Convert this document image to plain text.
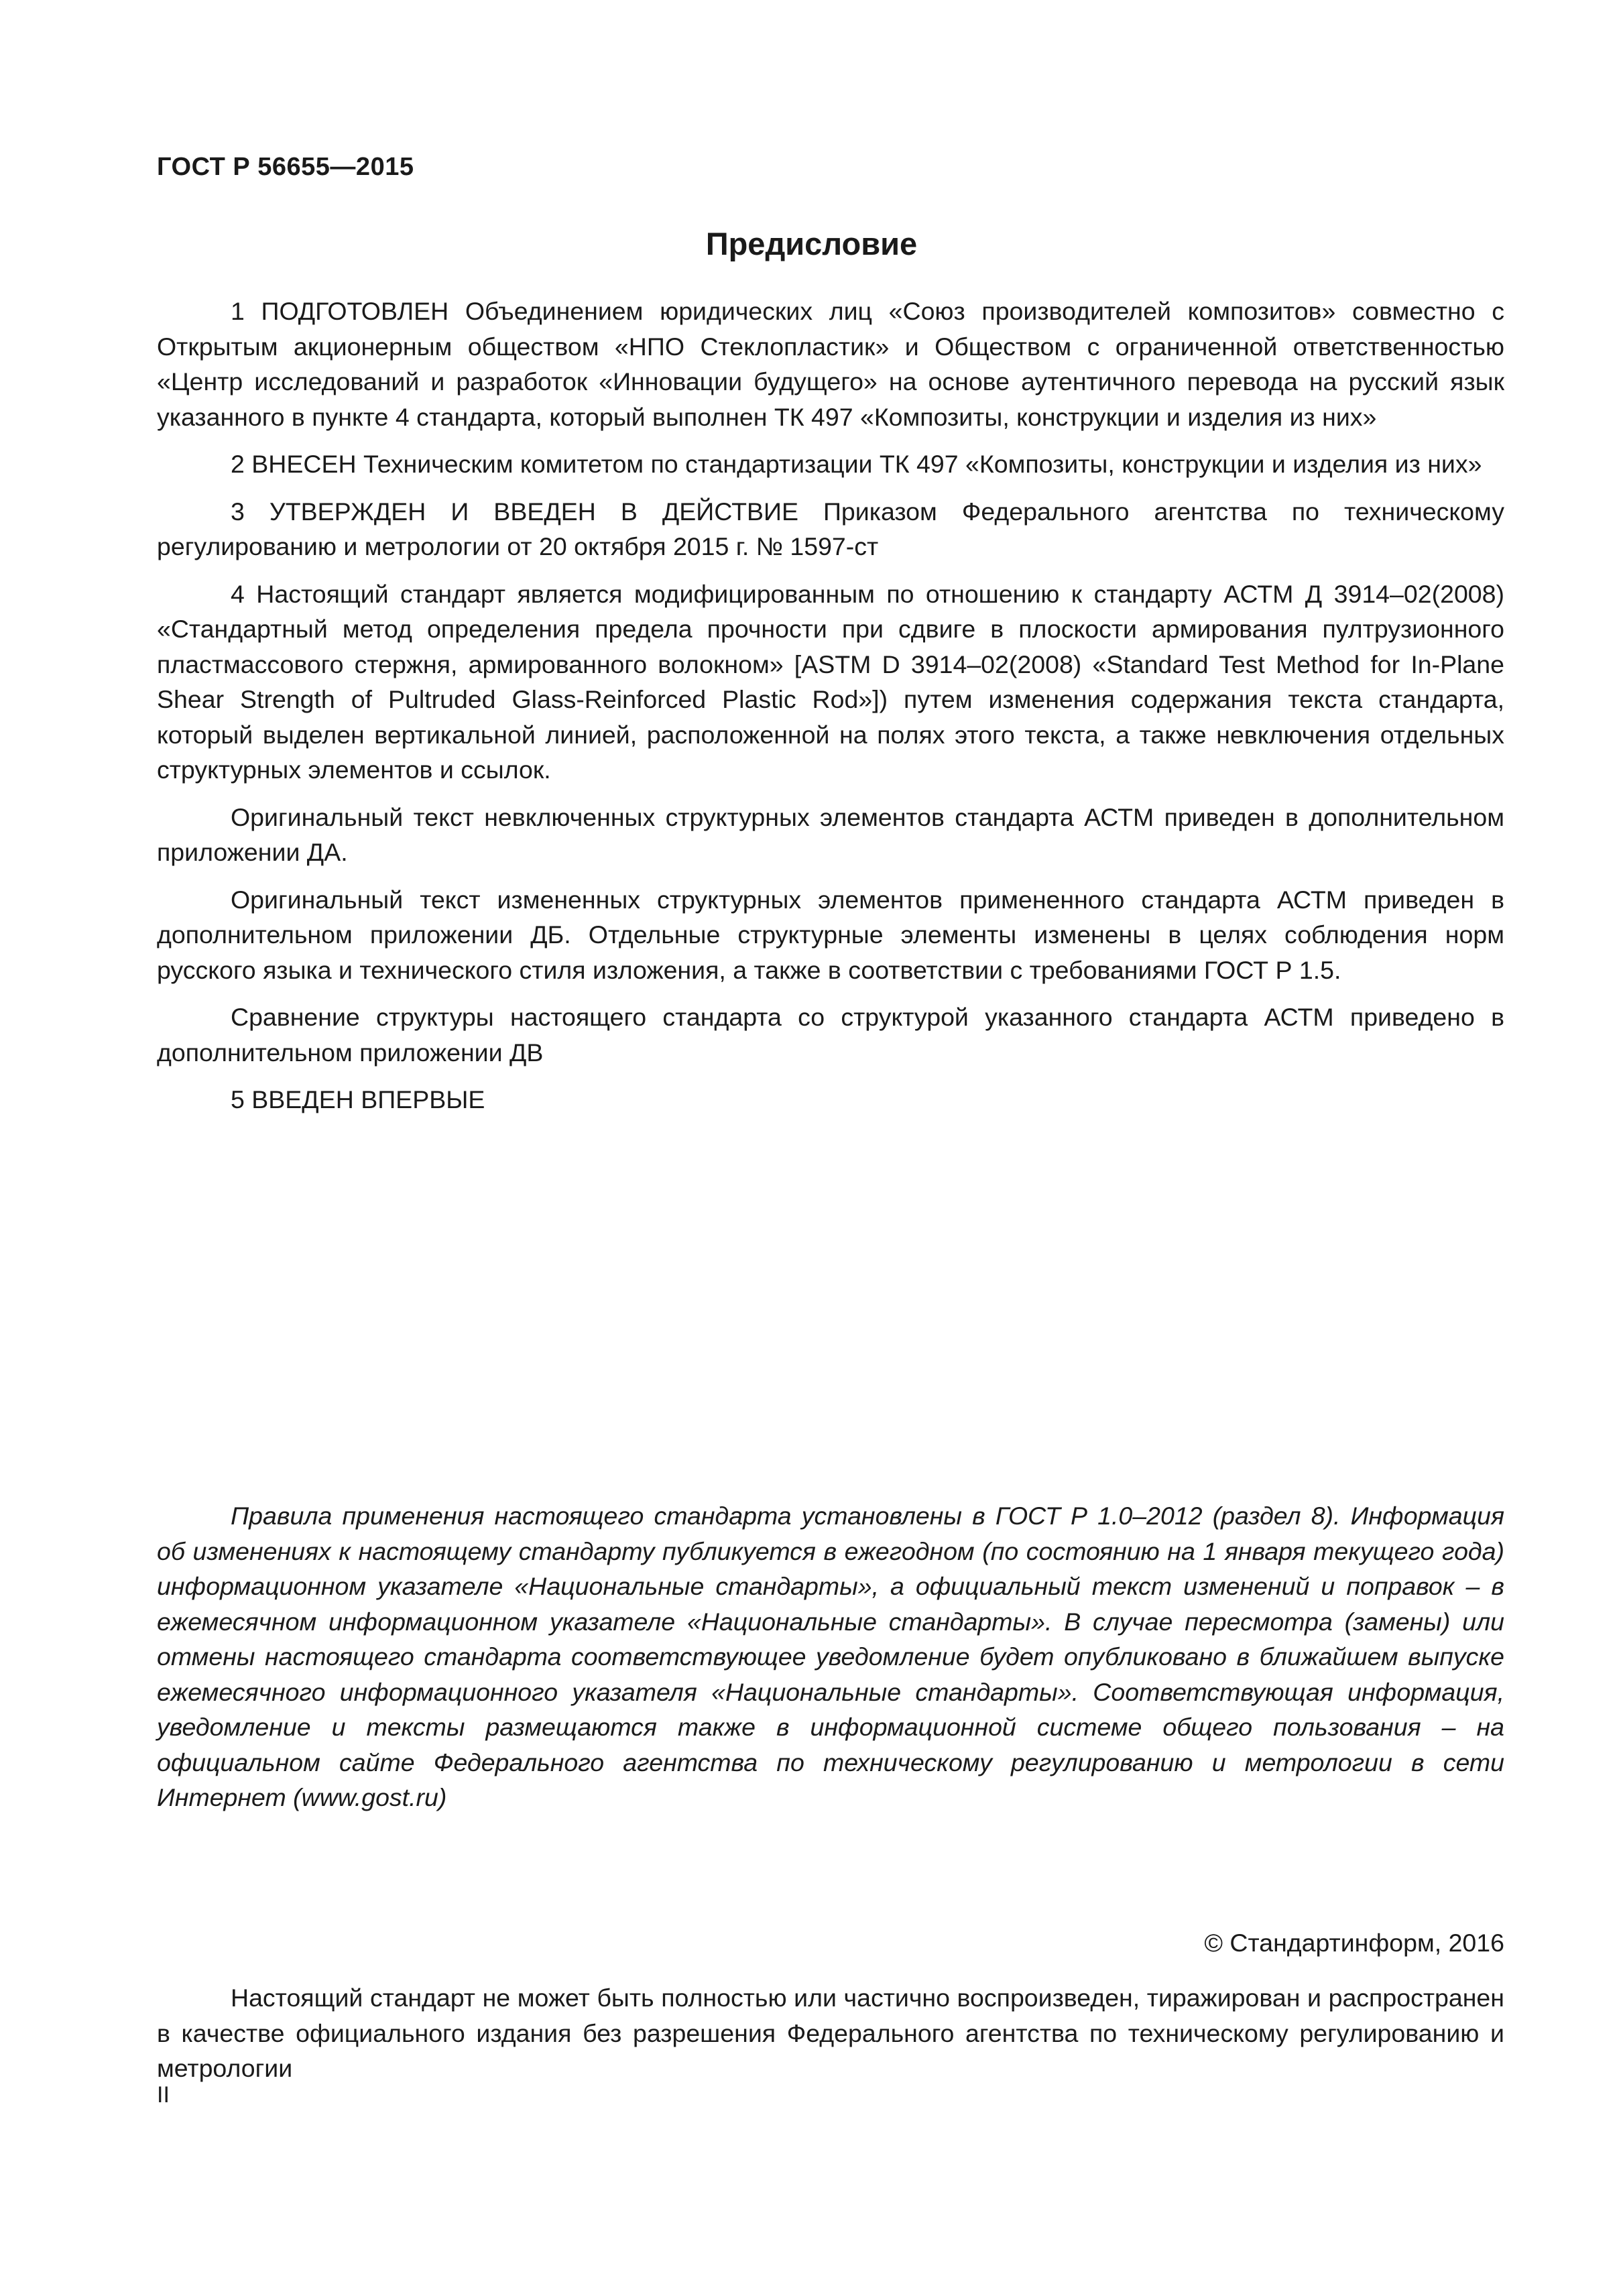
ГОСТ Р 56655—2015
Предисловие

1 ПОДГОТОВЛЕН Объединением юридических лиц «Союз производителей композитов» совместно с Открытым акционерным обществом «НПО Стеклопластик» и Обществом с ограниченной ответственностью «Центр исследований и разработок «Инновации будущего» на основе аутентичного перевода на русский язык указанного в пункте 4 стандарта, который выполнен ТК 497 «Композиты, конструкции и изделия из них»

2 ВНЕСЕН Техническим комитетом по стандартизации ТК 497 «Композиты, конструкции и изделия из них»

3 УТВЕРЖДЕН И ВВЕДЕН В ДЕЙСТВИЕ Приказом Федерального агентства по техническому регулированию и метрологии от 20 октября 2015 г. № 1597-ст

4 Настоящий стандарт является модифицированным по отношению к стандарту АСТМ Д 3914–02(2008) «Стандартный метод определения предела прочности при сдвиге в плоскости армирования пултрузионного пластмассового стержня, армированного волокном» [ASTM D 3914–02(2008) «Standard Test Method for In-Plane Shear Strength of Pultruded Glass-Reinforced Plastic Rod»]) путем изменения содержания текста стандарта, который выделен вертикальной линией, расположенной на полях этого текста, а также невключения отдельных структурных элементов и ссылок.

Оригинальный текст невключенных структурных элементов стандарта АСТМ приведен в дополнительном приложении ДА.

Оригинальный текст измененных структурных элементов примененного стандарта АСТМ приведен в дополнительном приложении ДБ. Отдельные структурные элементы изменены в целях соблюдения норм русского языка и технического стиля изложения, а также в соответствии с требованиями ГОСТ Р 1.5.

Сравнение структуры настоящего стандарта со структурой указанного стандарта АСТМ приведено в дополнительном приложении ДВ

5 ВВЕДЕН ВПЕРВЫЕ

Правила применения настоящего стандарта установлены в ГОСТ Р 1.0–2012 (раздел 8). Информация об изменениях к настоящему стандарту публикуется в ежегодном (по состоянию на 1 января текущего года) информационном указателе «Национальные стандарты», а официальный текст изменений и поправок – в ежемесячном информационном указателе «Национальные стандарты». В случае пересмотра (замены) или отмены настоящего стандарта соответствующее уведомление будет опубликовано в ближайшем выпуске ежемесячного информационного указателя «Национальные стандарты». Соответствующая информация, уведомление и тексты размещаются также в информационной системе общего пользования – на официальном сайте Федерального агентства по техническому регулированию и метрологии в сети Интернет (www.gost.ru)

© Стандартинформ, 2016

Настоящий стандарт не может быть полностью или частично воспроизведен, тиражирован и распространен в качестве официального издания без разрешения Федерального агентства по техническому регулированию и метрологии

II
